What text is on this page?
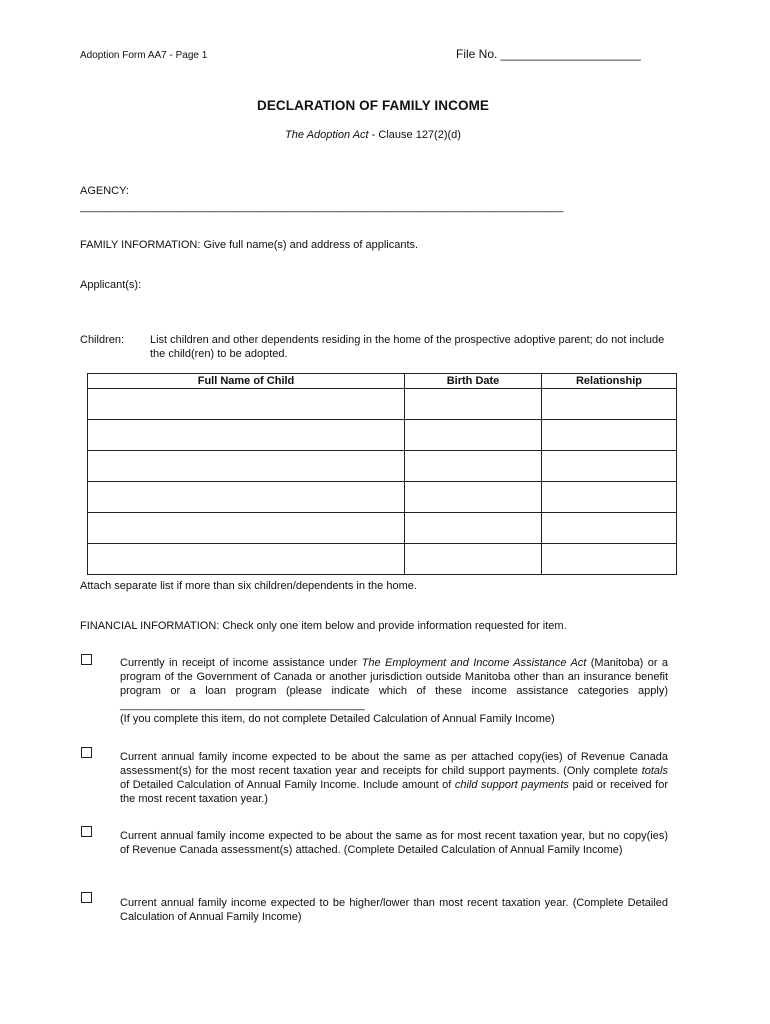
Adoption Form AA7 - Page 1	File No. _____________________
DECLARATION OF FAMILY INCOME
The Adoption Act - Clause 127(2)(d)
AGENCY:
_______________________________________________________________________________
FAMILY INFORMATION: Give full name(s) and address of applicants.
Applicant(s):
Children: List children and other dependents residing in the home of the prospective adoptive parent; do not include the child(ren) to be adopted.
Full Name of Child	Birth Date	Relationship

Attach separate list if more than six children/dependents in the home.
FINANCIAL INFORMATION: Check only one item below and provide information requested for item.
Currently in receipt of income assistance under The Employment and Income Assistance Act (Manitoba) or a program of the Government of Canada or another jurisdiction outside Manitoba other than an insurance benefit program or a loan program (please indicate which of these income assistance categories apply) ________________________________________
(If you complete this item, do not complete Detailed Calculation of Annual Family Income)
Current annual family income expected to be about the same as per attached copy(ies) of Revenue Canada assessment(s) for the most recent taxation year and receipts for child support payments. (Only complete totals of Detailed Calculation of Annual Family Income. Include amount of child support payments paid or received for the most recent taxation year.)
Current annual family income expected to be about the same as for most recent taxation year, but no copy(ies) of Revenue Canada assessment(s) attached. (Complete Detailed Calculation of Annual Family Income)
Current annual family income expected to be higher/lower than most recent taxation year. (Complete Detailed Calculation of Annual Family Income)
